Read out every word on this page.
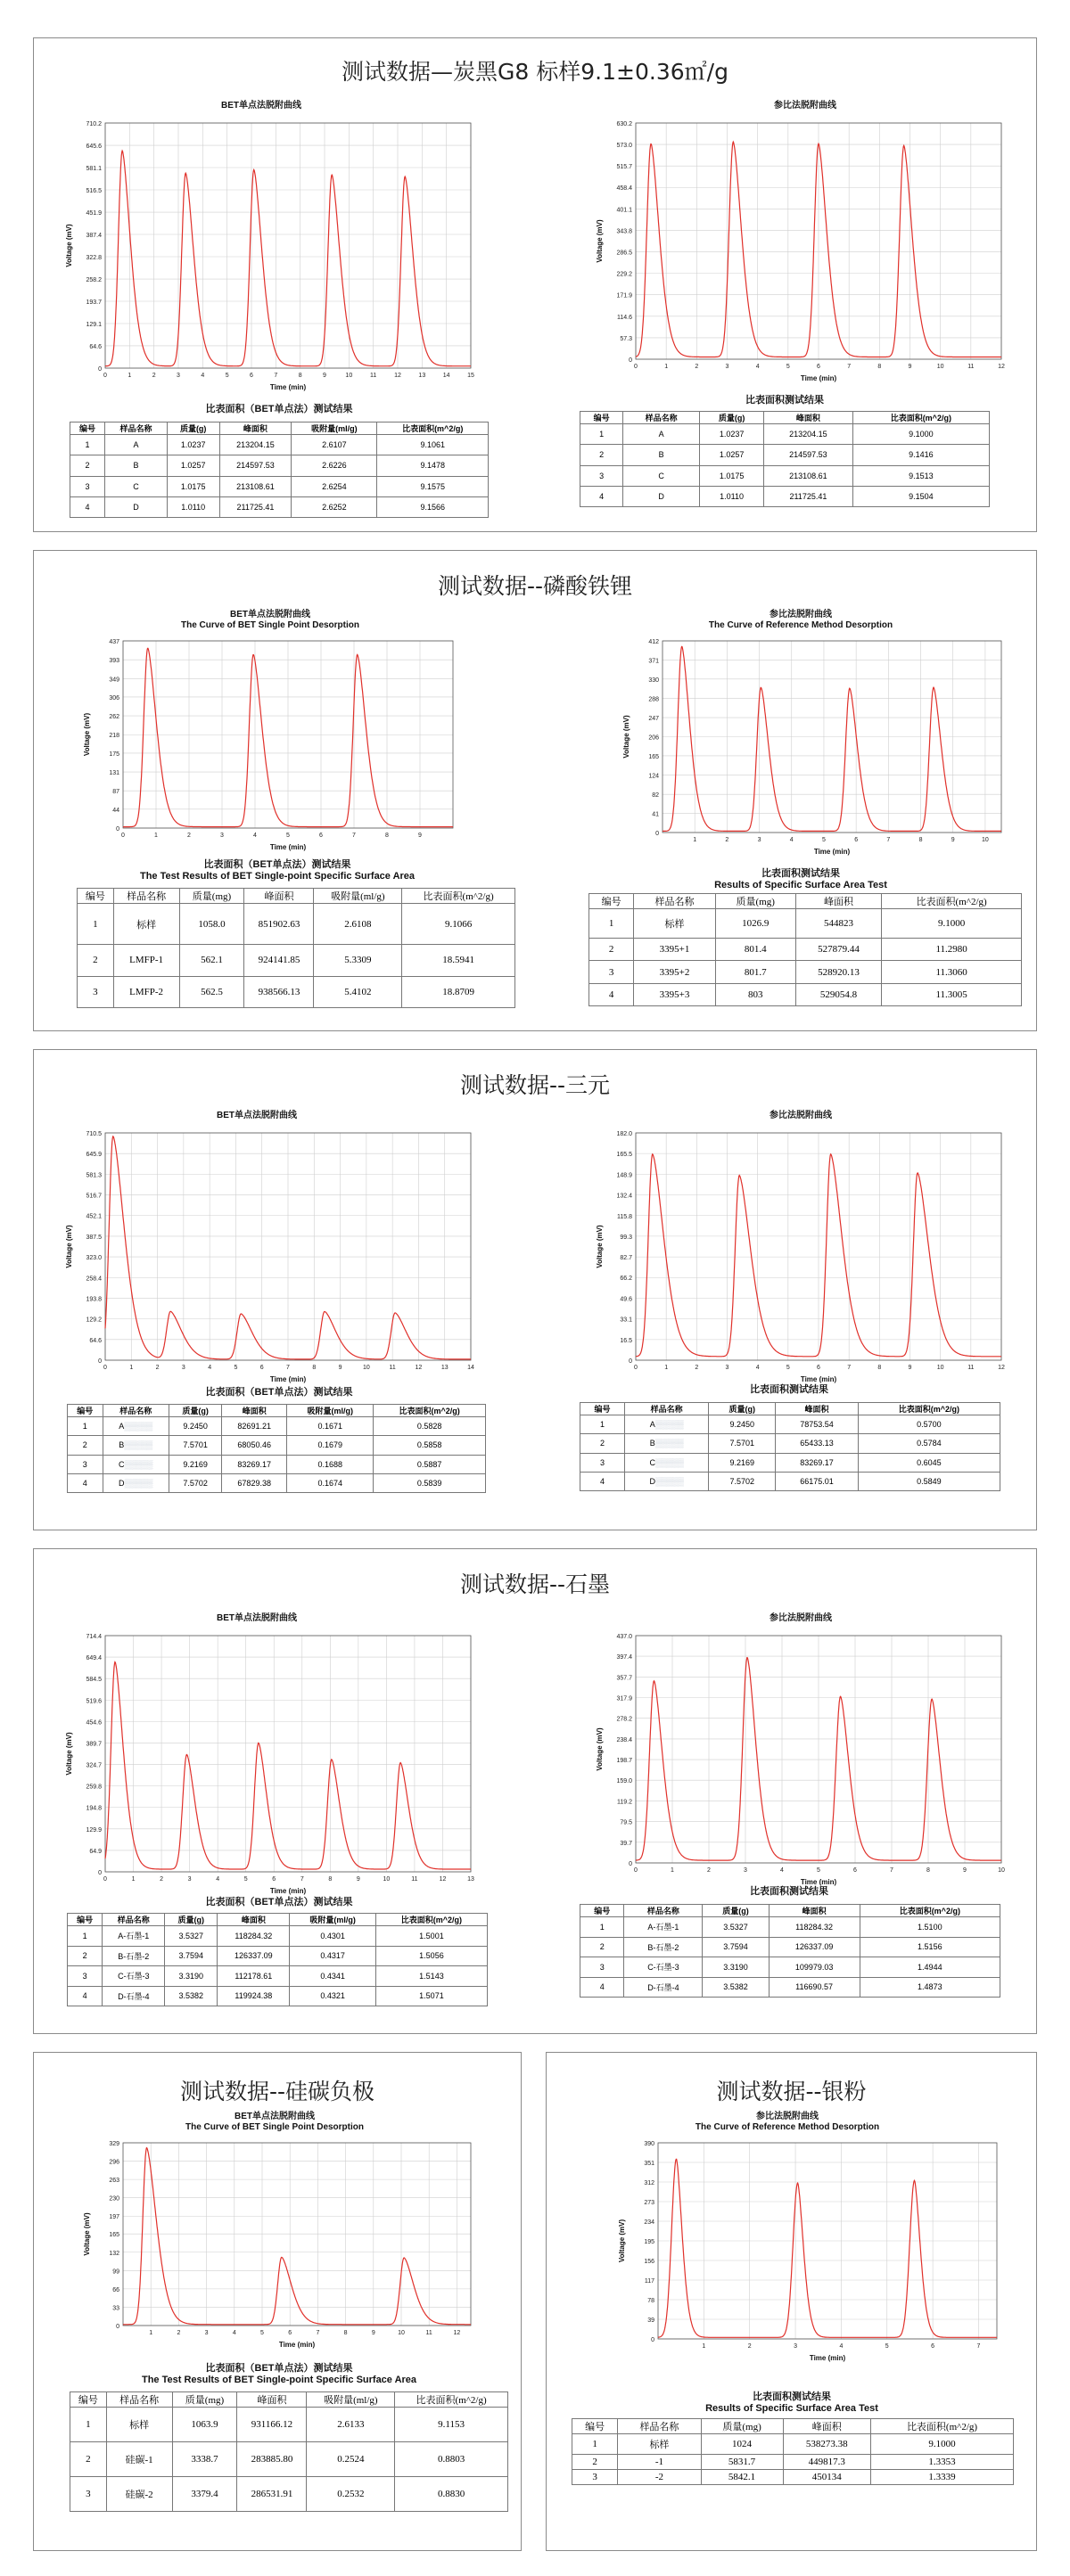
测试数据—炭黑G8 标样9.1±0.36㎡/g
BET单点法脱附曲线
0
64.6
129.1
193.7
258.2
322.8
387.4
451.9
516.5
581.1
645.6
710.2
0	1	2	3	4	5	6	7	8	9	10	11	12	13	14	15
Time (min)
Voltage (mV)
比表面积（BET单点法）测试结果
编号	样品名称	质量(g)	峰面积	吸附量(ml/g)	比表面积(m^2/g)
1	A	1.0237	213204.15	2.6107	9.1061
2	B	1.0257	214597.53	2.6226	9.1478
3	C	1.0175	213108.61	2.6254	9.1575
4	D	1.0110	211725.41	2.6252	9.1566
参比法脱附曲线
0
57.3
114.6
171.9
229.2
286.5
343.8
401.1
458.4
515.7
573.0
630.2
0	1	2	3	4	5	6	7	8	9	10	11	12
Time (min)
Voltage (mV)
比表面积测试结果
编号	样品名称	质量(g)	峰面积	比表面积(m^2/g)
1	A	1.0237	213204.15	9.1000
2	B	1.0257	214597.53	9.1416
3	C	1.0175	213108.61	9.1513
4	D	1.0110	211725.41	9.1504
测试数据--磷酸铁锂
BET单点法脱附曲线
The Curve of BET Single Point Desorption
0
44
87
131
175
218
262
306
349
393
437
0	1	2	3	4	5	6	7	8	9
Time (min)
Voltage (mV)
比表面积（BET单点法）测试结果
The Test Results of BET Single-point Specific Surface Area
编号	样品名称	质量(mg)	峰面积	吸附量(ml/g)	比表面积(m^2/g)
1	标样	1058.0	851902.63	2.6108	9.1066
2	LMFP-1	562.1	924141.85	5.3309	18.5941
3	LMFP-2	562.5	938566.13	5.4102	18.8709
参比法脱附曲线
The Curve of Reference Method Desorption
0
41
82
124
165
206
247
288
330
371
412
1	2	3	4	5	6	7	8	9	10
Time (min)
Voltage (mV)
比表面积测试结果
Results of Specific Surface Area Test
编号	样品名称	质量(mg)	峰面积	比表面积(m^2/g)
1	标样	1026.9	544823	9.1000
2	3395+1	801.4	527879.44	11.2980
3	3395+2	801.7	528920.13	11.3060
4	3395+3	803	529054.8	11.3005
测试数据--三元
BET单点法脱附曲线
0
64.6
129.2
193.8
258.4
323.0
387.5
452.1
516.7
581.3
645.9
710.5
0	1	2	3	4	5	6	7	8	9	10	11	12	13	14
Time (min)
Voltage (mV)
比表面积（BET单点法）测试结果
编号	样品名称	质量(g)	峰面积	吸附量(ml/g)	比表面积(m^2/g)
1	A▒▒▒▒▒	9.2450	82691.21	0.1671	0.5828
2	B▒▒▒▒▒	7.5701	68050.46	0.1679	0.5858
3	C▒▒▒▒▒	9.2169	83269.17	0.1688	0.5887
4	D▒▒▒▒▒	7.5702	67829.38	0.1674	0.5839
参比法脱附曲线
0
16.5
33.1
49.6
66.2
82.7
99.3
115.8
132.4
148.9
165.5
182.0
0	1	2	3	4	5	6	7	8	9	10	11	12
Time (min)
Voltage (mV)
比表面积测试结果
编号	样品名称	质量(g)	峰面积	比表面积(m^2/g)
1	A▒▒▒▒▒	9.2450	78753.54	0.5700
2	B▒▒▒▒▒	7.5701	65433.13	0.5784
3	C▒▒▒▒▒	9.2169	83269.17	0.6045
4	D▒▒▒▒▒	7.5702	66175.01	0.5849
测试数据--石墨
BET单点法脱附曲线
0
64.9
129.9
194.8
259.8
324.7
389.7
454.6
519.6
584.5
649.4
714.4
0	1	2	3	4	5	6	7	8	9	10	11	12	13
Time (min)
Voltage (mV)
比表面积（BET单点法）测试结果
编号	样品名称	质量(g)	峰面积	吸附量(ml/g)	比表面积(m^2/g)
1	A-石墨-1	3.5327	118284.32	0.4301	1.5001
2	B-石墨-2	3.7594	126337.09	0.4317	1.5056
3	C-石墨-3	3.3190	112178.61	0.4341	1.5143
4	D-石墨-4	3.5382	119924.38	0.4321	1.5071
参比法脱附曲线
0
39.7
79.5
119.2
159.0
198.7
238.4
278.2
317.9
357.7
397.4
437.0
0	1	2	3	4	5	6	7	8	9	10
Time (min)
Voltage (mV)
比表面积测试结果
编号	样品名称	质量(g)	峰面积	比表面积(m^2/g)
1	A-石墨-1	3.5327	118284.32	1.5100
2	B-石墨-2	3.7594	126337.09	1.5156
3	C-石墨-3	3.3190	109979.03	1.4944
4	D-石墨-4	3.5382	116690.57	1.4873
测试数据--硅碳负极
BET单点法脱附曲线
The Curve of BET Single Point Desorption
0
33
66
99
132
165
197
230
263
296
329
1	2	3	4	5	6	7	8	9	10	11	12
Time (min)
Voltage (mV)
比表面积（BET单点法）测试结果
The Test Results of BET Single-point Specific Surface Area
编号	样品名称	质量(mg)	峰面积	吸附量(ml/g)	比表面积(m^2/g)
1	标样	1063.9	931166.12	2.6133	9.1153
2	硅碳-1	3338.7	283885.80	0.2524	0.8803
3	硅碳-2	3379.4	286531.91	0.2532	0.8830
测试数据--银粉
参比法脱附曲线
The Curve of Reference Method Desorption
0
39
78
117
156
195
234
273
312
351
390
1	2	3	4	5	6	7
Time (min)
Voltage (mV)
比表面积测试结果
Results of Specific Surface Area Test
编号	样品名称	质量(mg)	峰面积	比表面积(m^2/g)
1	标样	1024	538273.38	9.1000
2	-1	5831.7	449817.3	1.3353
3	-2	5842.1	450134	1.3339
